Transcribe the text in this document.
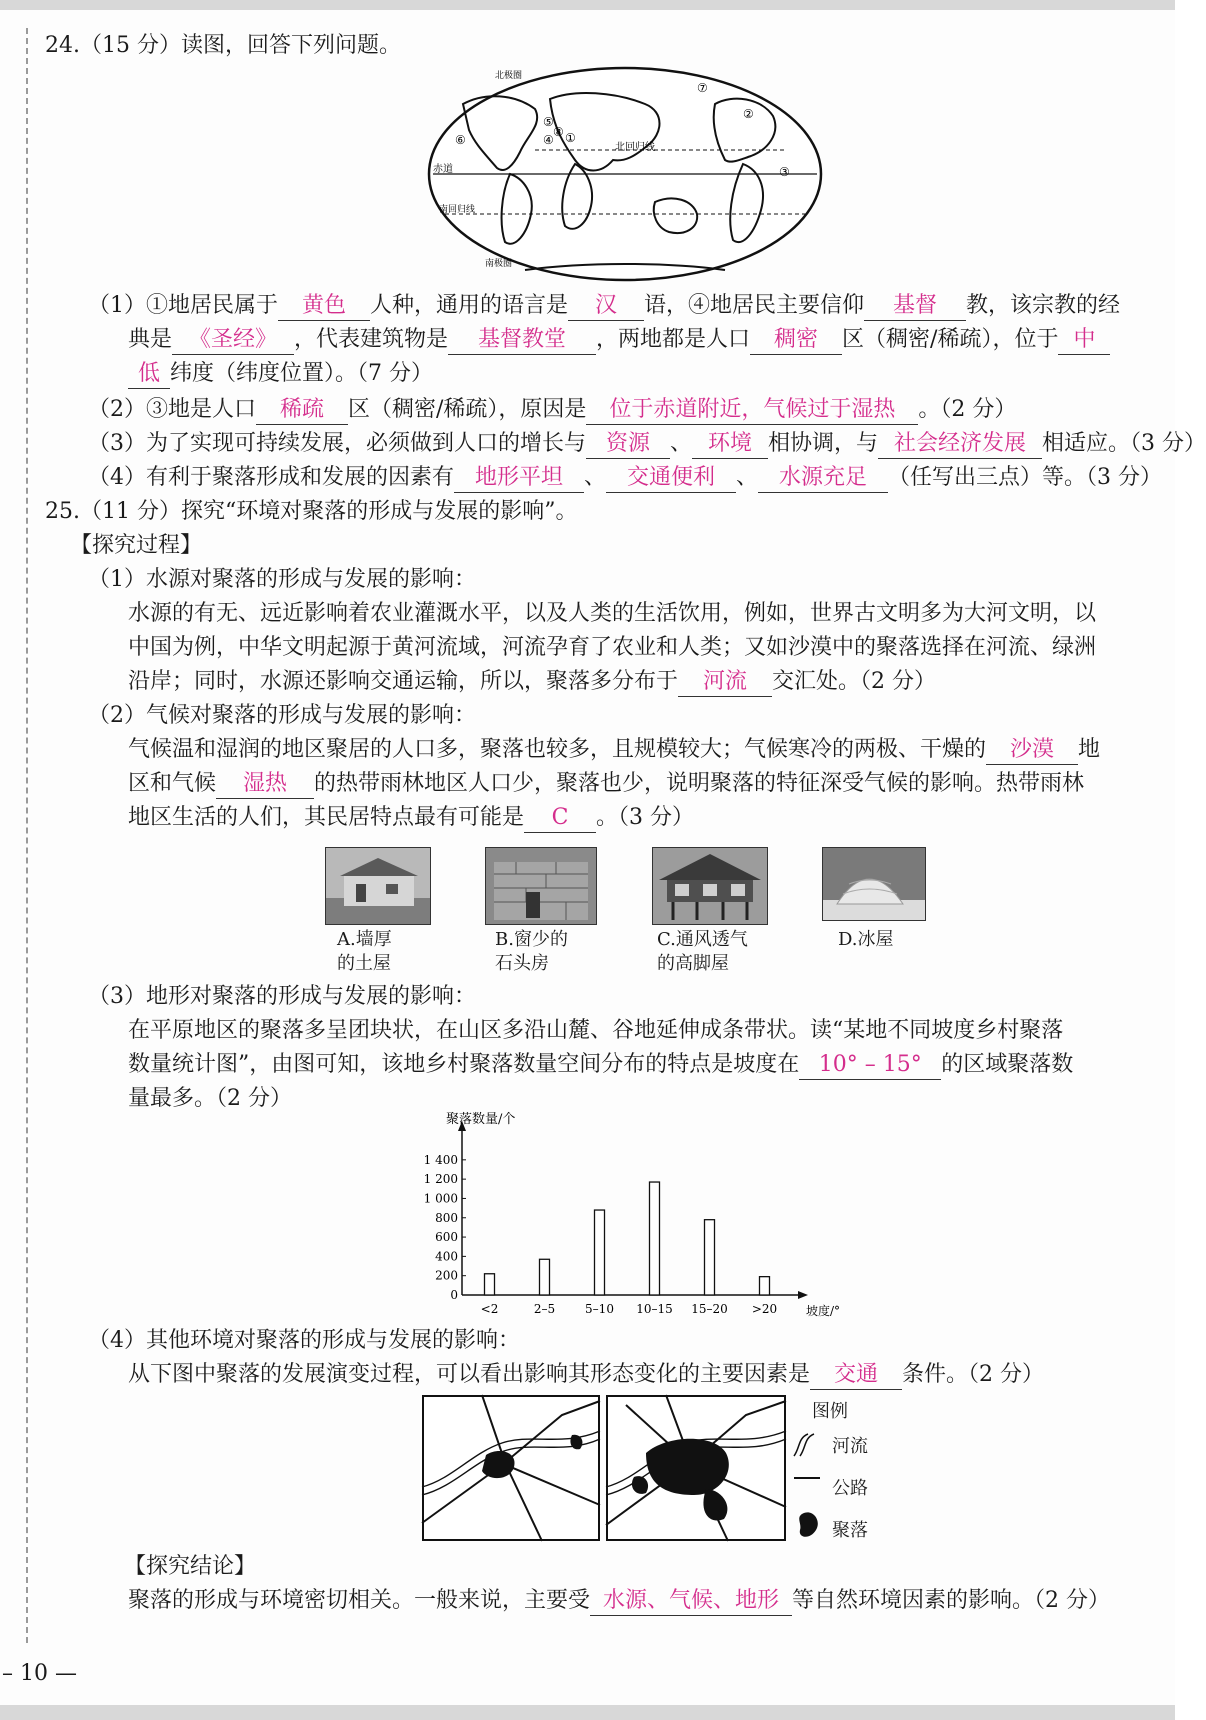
24.（15 分）读图，回答下列问题。
北回归线
赤道
南回归线
北极圈
南极圈
⑤
⑥
⑧
④ ①
⑦
②
③
（1）①地居民属于 黄色 人种，通用的语言是 汉 语，④地居民主要信仰 基督 教，该宗教的经
典是 《圣经》 ，代表建筑物是 基督教堂 ，两地都是人口 稠密 区（稠密/稀疏），位于 中
低 纬度（纬度位置）。（7 分）
（2）③地是人口 稀疏 区（稠密/稀疏），原因是 位于赤道附近，气候过于湿热 。（2 分）
（3）为了实现可持续发展，必须做到人口的增长与 资源 、 环境 相协调，与 社会经济发展 相适应。（3 分）
（4）有利于聚落形成和发展的因素有 地形平坦 、 交通便利 、 水源充足 （任写出三点）等。（3 分）
25.（11 分）探究“环境对聚落的形成与发展的影响”。
【探究过程】
（1）水源对聚落的形成与发展的影响：
水源的有无、远近影响着农业灌溉水平，以及人类的生活饮用，例如，世界古文明多为大河文明，以
中国为例，中华文明起源于黄河流域，河流孕育了农业和人类；又如沙漠中的聚落选择在河流、绿洲
沿岸；同时，水源还影响交通运输，所以，聚落多分布于 河流 交汇处。（2 分）
（2）气候对聚落的形成与发展的影响：
气候温和湿润的地区聚居的人口多，聚落也较多，且规模较大；气候寒冷的两极、干燥的 沙漠 地
区和气候 湿热 的热带雨林地区人口少，聚落也少，说明聚落的特征深受气候的影响。热带雨林
地区生活的人们，其民居特点最有可能是 C 。（3 分）
A.墙厚
的土屋
B.窗少的
石头房
C.通风透气
的高脚屋
D.冰屋
（3）地形对聚落的形成与发展的影响：
在平原地区的聚落多呈团块状，在山区多沿山麓、谷地延伸成条带状。读“某地不同坡度乡村聚落
数量统计图”，由图可知，该地乡村聚落数量空间分布的特点是坡度在 10° – 15° 的区域聚落数
量最多。（2 分）
0
200
400
600
800
1 000
1 200
1 400
聚落数量/个
<2	2–5 5–10 10–15 15–20 >20 坡度/°
（4）其他环境对聚落的形成与发展的影响：
从下图中聚落的发展演变过程，可以看出影响其形态变化的主要因素是 交通 条件。（2 分）
图例
河流
公路
聚落
【探究结论】
聚落的形成与环境密切相关。一般来说，主要受 水源、气候、地形 等自然环境因素的影响。（2 分）
– 10 —
